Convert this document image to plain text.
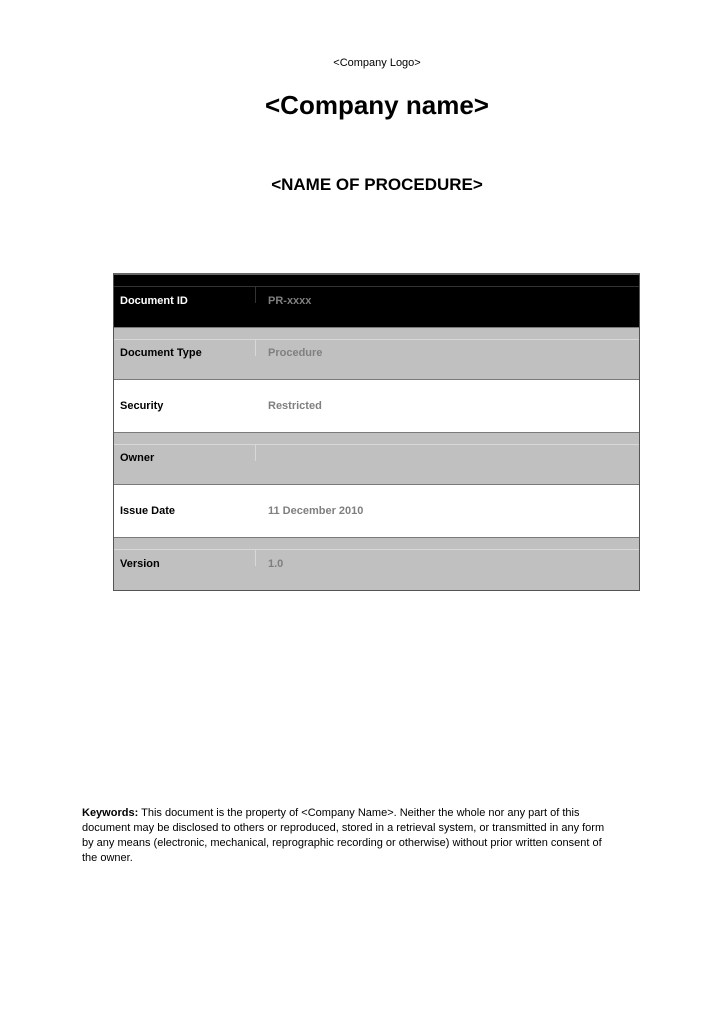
<Company Logo>
<Company name>
<NAME OF PROCEDURE>
Document ID	PR-xxxx
Document Type	Procedure
Security	Restricted
Owner
Issue Date	11 December 2010
Version	1.0
Keywords: This document is the property of <Company Name>. Neither the whole nor any part of this document may be disclosed to others or reproduced, stored in a retrieval system, or transmitted in any form by any means (electronic, mechanical, reprographic recording or otherwise) without prior written consent of the owner.
